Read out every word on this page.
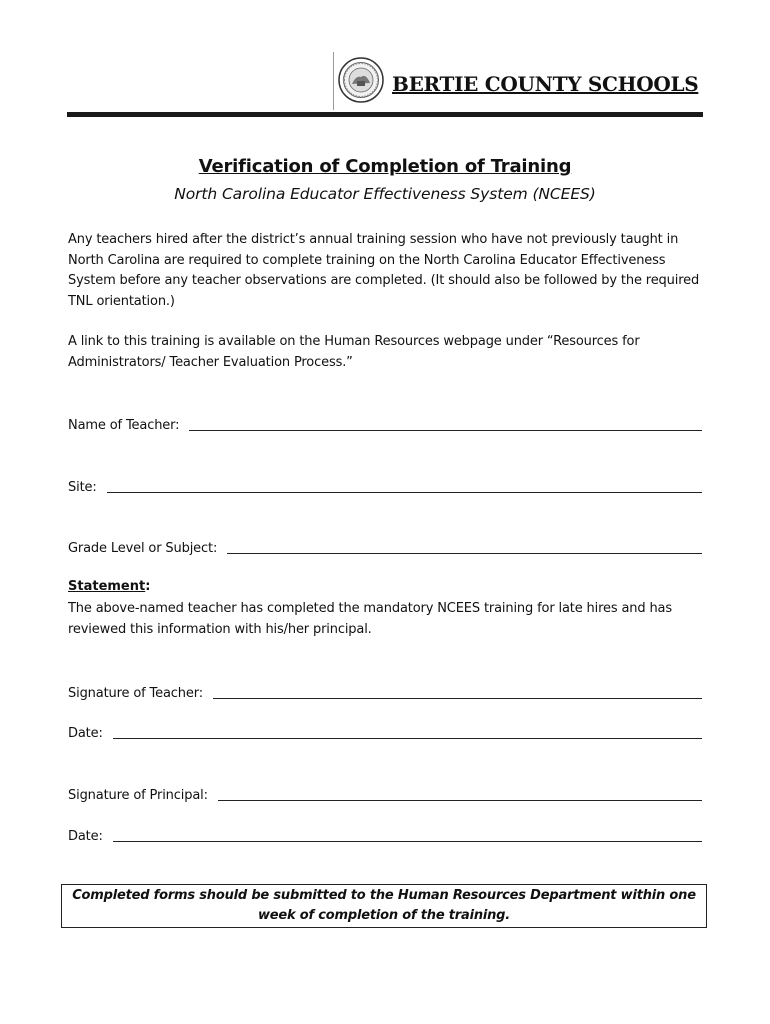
BERTIE COUNTY SCHOOLS
Verification of Completion of Training
North Carolina Educator Effectiveness System (NCEES)
Any teachers hired after the district’s annual training session who have not previously taught in North Carolina are required to complete training on the North Carolina Educator Effectiveness System before any teacher observations are completed. (It should also be followed by the required TNL orientation.)
A link to this training is available on the Human Resources webpage under “Resources for Administrators/ Teacher Evaluation Process.”
Name of Teacher:
Site:
Grade Level or Subject:
Statement:
The above-named teacher has completed the mandatory NCEES training for late hires and has reviewed this information with his/her principal.
Signature of Teacher:
Date:
Signature of Principal:
Date:
Completed forms should be submitted to the Human Resources Department within one week of completion of the training.
